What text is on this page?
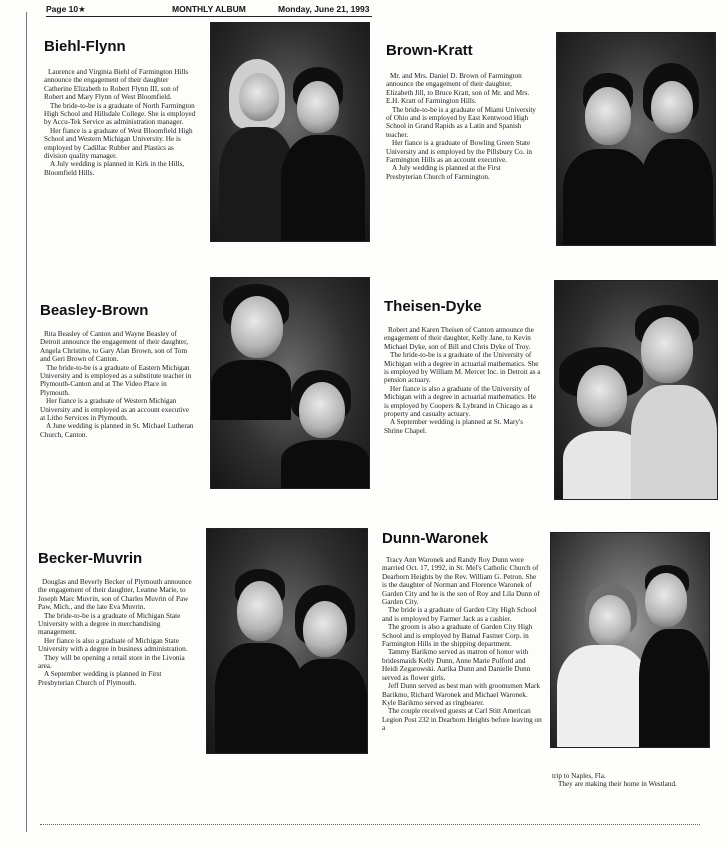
Page 10★	MONTHLY ALBUM	Monday, June 21, 1993
Biehl-Flynn

Laurence and Virginia Biehl of Farmington Hills announce the engagement of their daughter Catherine Elizabeth to Robert Flynn III, son of Robert and Mary Flynn of West Bloomfield.

The bride-to-be is a graduate of North Farmington High School and Hillsdale College. She is employed by Accu-Tek Service as administration manager.

Her fiance is a graduate of West Bloomfield High School and Western Michigan University. He is employed by Cadillac Rubber and Plastics as division quality manager.

A July wedding is planned in Kirk in the Hills, Bloomfield Hills.

Brown-Kratt

Mr. and Mrs. Daniel D. Brown of Farmington announce the engagement of their daughter, Elizabeth Jill, to Bruce Kratt, son of Mr. and Mrs. E.H. Kratt of Farmington Hills.

The bride-to-be is a graduate of Miami University of Ohio and is employed by East Kentwood High School in Grand Rapids as a Latin and Spanish teacher.

Her fiance is a graduate of Bowling Green State University and is employed by the Pillsbury Co. in Farmington Hills as an account executive.

A July wedding is planned at the First Presbyterian Church of Farmington.

Beasley-Brown

Rita Beasley of Canton and Wayne Beasley of Detroit announce the engagement of their daughter, Angela Christine, to Gary Alan Brown, son of Tom and Geri Brown of Canton.

The bride-to-be is a graduate of Eastern Michigan University and is employed as a substitute teacher in Plymouth-Canton and at The Video Place in Plymouth.

Her fiance is a graduate of Western Michigan University and is employed as an account executive at Litho Services in Plymouth.

A June wedding is planned in St. Michael Lutheran Church, Canton.

Theisen-Dyke

Robert and Karen Theisen of Canton announce the engagement of their daughter, Kelly Jane, to Kevin Michael Dyke, son of Bill and Chris Dyke of Troy.

The bride-to-be is a graduate of the University of Michigan with a degree in actuarial mathematics. She is employed by William M. Mercer Inc. in Detroit as a pension actuary.

Her fiance is also a graduate of the University of Michigan with a degree in actuarial mathematics. He is employed by Coopers & Lybrand in Chicago as a property and casualty actuary.

A September wedding is planned at St. Mary's Shrine Chapel.

Becker-Muvrin

Douglas and Beverly Becker of Plymouth announce the engagement of their daughter, Leanne Marie, to Joseph Marc Muvrin, son of Charles Muvrin of Paw Paw, Mich., and the late Eva Muvrin.

The bride-to-be is a graduate of Michigan State University with a degree in merchandising management.

Her fiance is also a graduate of Michigan State University with a degree in business administration.

They will be opening a retail store in the Livonia area.

A September wedding is planned in First Presbyterian Church of Plymouth.

Dunn-Waronek

Tracy Ann Waronek and Randy Roy Dunn were married Oct. 17, 1992, in St. Mel's Catholic Church of Dearborn Heights by the Rev. William G. Petron. She is the daughter of Norman and Florence Waronek of Garden City and he is the son of Roy and Lila Dunn of Garden City.

The bride is a graduate of Garden City High School and is employed by Farmer Jack as a cashier.

The groom is also a graduate of Garden City High School and is employed by Bamal Fastner Corp. in Farmington Hills in the shipping department.

Tammy Barikmo served as matron of honor with bridesmaids Kelly Dunn, Anne Marie Pulford and Heidi Zegarowski. Aarika Dunn and Danielle Dunn served as flower girls.

Jeff Dunn served as best man with groomsmen Mark Barikmo, Richard Waronek and Michael Waronek. Kyle Barikmo served as ringbearer.

The couple received guests at Carl Stitt American Legion Post 232 in Dearborn Heights before leaving on a

trip to Naples, Fla.

They are making their home in Westland.
